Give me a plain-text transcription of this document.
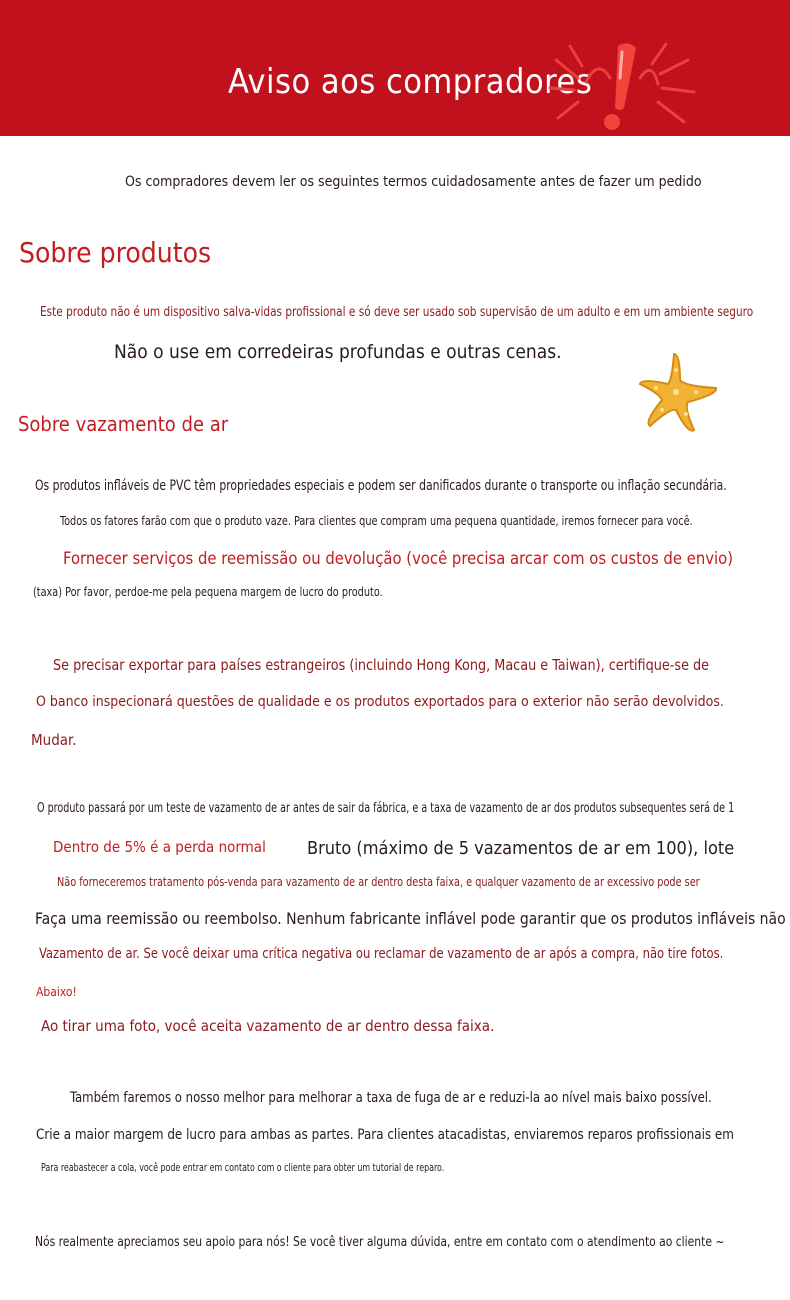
Aviso aos compradores
Os compradores devem ler os seguintes termos cuidadosamente antes de fazer um pedido
Sobre produtos
Este produto não é um dispositivo salva-vidas profissional e só deve ser usado sob supervisão de um adulto e em um ambiente seguro
Não o use em corredeiras profundas e outras cenas.
Sobre vazamento de ar
Os produtos infláveis de PVC têm propriedades especiais e podem ser danificados durante o transporte ou inflação secundária.
Todos os fatores farão com que o produto vaze. Para clientes que compram uma pequena quantidade, iremos fornecer para você.
Fornecer serviços de reemissão ou devolução (você precisa arcar com os custos de envio)
(taxa) Por favor, perdoe-me pela pequena margem de lucro do produto.
Se precisar exportar para países estrangeiros (incluindo Hong Kong, Macau e Taiwan), certifique-se de
O banco inspecionará questões de qualidade e os produtos exportados para o exterior não serão devolvidos.
Mudar.
O produto passará por um teste de vazamento de ar antes de sair da fábrica, e a taxa de vazamento de ar dos produtos subsequentes será de 1
Dentro de 5% é a perda normal Bruto (máximo de 5 vazamentos de ar em 100), lote
Não forneceremos tratamento pós-venda para vazamento de ar dentro desta faixa, e qualquer vazamento de ar excessivo pode ser
Faça uma reemissão ou reembolso. Nenhum fabricante inflável pode garantir que os produtos infláveis não
Vazamento de ar. Se você deixar uma crítica negativa ou reclamar de vazamento de ar após a compra, não tire fotos.
Abaixo!
Ao tirar uma foto, você aceita vazamento de ar dentro dessa faixa.
Também faremos o nosso melhor para melhorar a taxa de fuga de ar e reduzi-la ao nível mais baixo possível.
Crie a maior margem de lucro para ambas as partes. Para clientes atacadistas, enviaremos reparos profissionais em
Para reabastecer a cola, você pode entrar em contato com o cliente para obter um tutorial de reparo.
Nós realmente apreciamos seu apoio para nós! Se você tiver alguma dúvida, entre em contato com o atendimento ao cliente ~
